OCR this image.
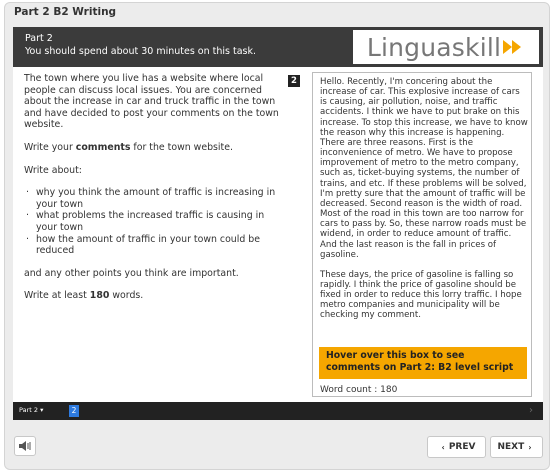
Part 2 B2 Writing
Part 2
You should spend about 30 minutes on this task.	Linguaskill

The town where you live has a website where local people can discuss local issues. You are concerned about the increase in car and truck traffic in the town and have decided to post your comments on the town website.

Write your comments for the town website.

Write about:

· why you think the amount of traffic is increasing in your town
· what problems the increased traffic is causing in your town
· how the amount of traffic in your town could be reduced

and any other points you think are important.

Write at least 180 words.

2	Hello. Recently, I'm concering about the increase of car. This explosive increase of cars is causing, air pollution, noise, and traffic accidents. I think we have to put brake on this increase. To stop this increase, we have to know the reason why this increase is happening. There are three reasons. First is the inconvenience of metro. We have to propose improvement of metro to the metro company, such as, ticket-buying systems, the number of trains, and etc. If these problems will be solved, I'm pretty sure that the amount of traffic will be decreased. Second reason is the width of road. Most of the road in this town are too narrow for cars to pass by. So, these narrow roads must be widend, in order to reduce amount of traffic. And the last reason is the fall in prices of gasoline.

These days, the price of gasoline is falling so rapidly. I think the price of gasoline should be fixed in order to reduce this lorry traffic. I hope metro companies and municipality will be checking my comment.

Hover over this box to see comments on Part 2: B2 level script
Word count : 180
Part 2 ▾	2	›
‹ PREV NEXT ›
